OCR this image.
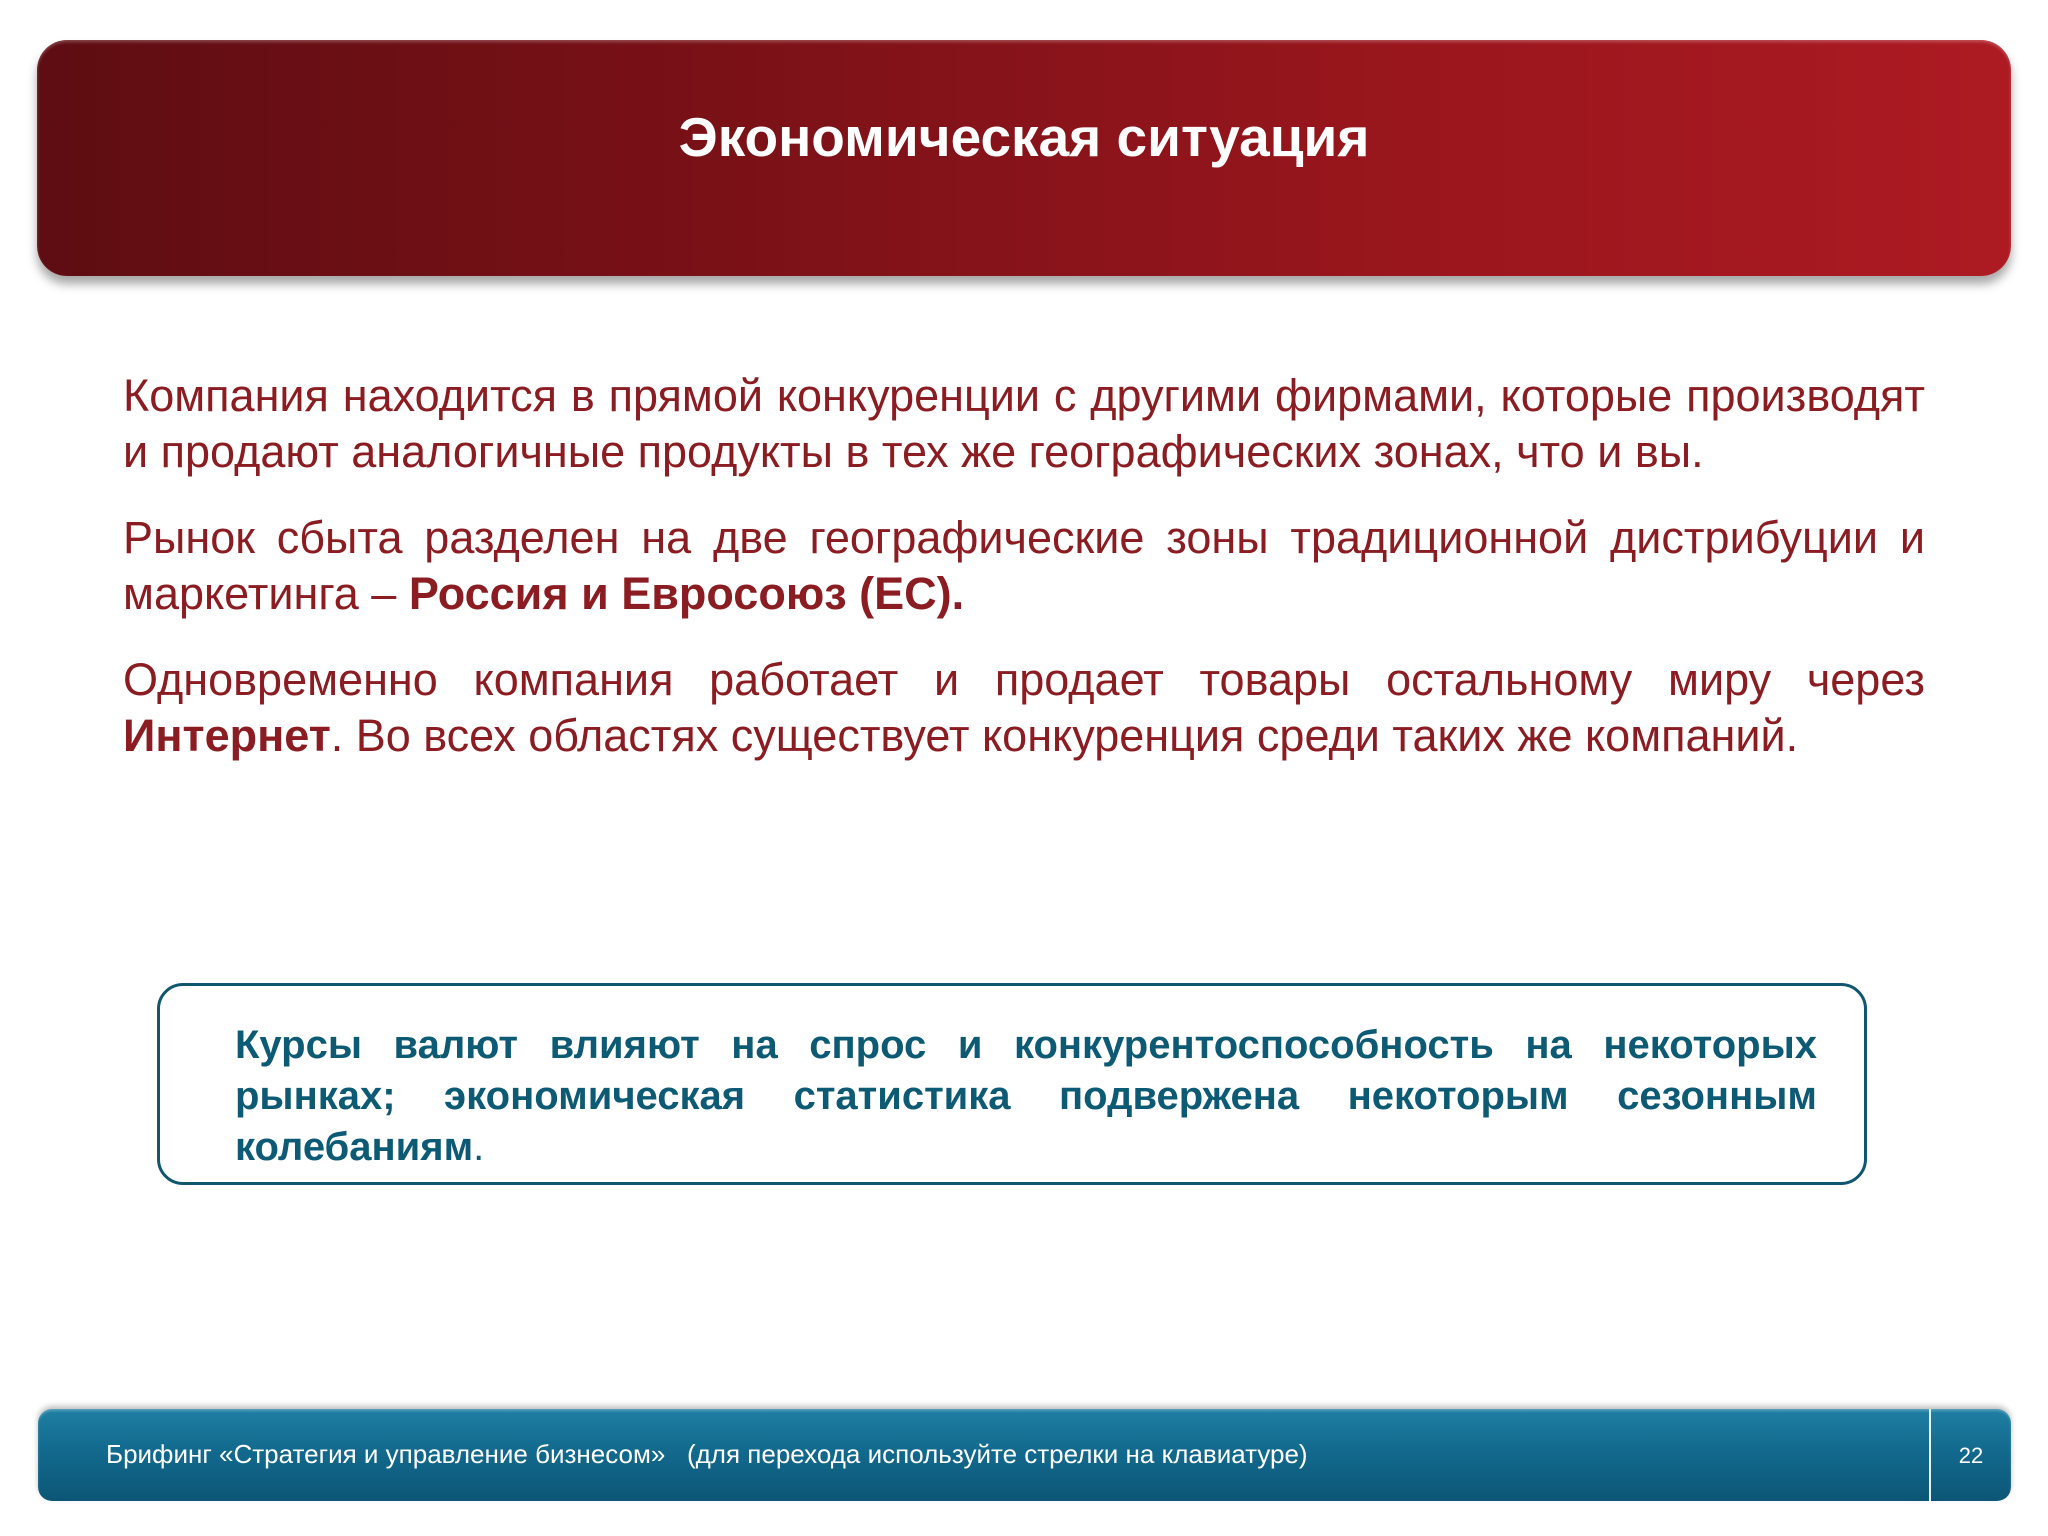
Экономическая ситуация

Компания находится в прямой конкуренции с другими фирмами, которые производят и продают аналогичные продукты в тех же географических зонах, что и вы.

Рынок сбыта разделен на две географические зоны традиционной дистрибуции и маркетинга – Россия и Евросоюз (ЕС).

Одновременно компания работает и продает товары остальному миру через Интернет. Во всех областях существует конкуренция среди таких же компаний.

Курсы валют влияют на спрос и конкурентоспособность на некоторых рынках; экономическая статистика подвержена некоторым сезонным колебаниям.
Брифинг «Стратегия и управление бизнесом»   (для перехода используйте стрелки на клавиатуре)	22
